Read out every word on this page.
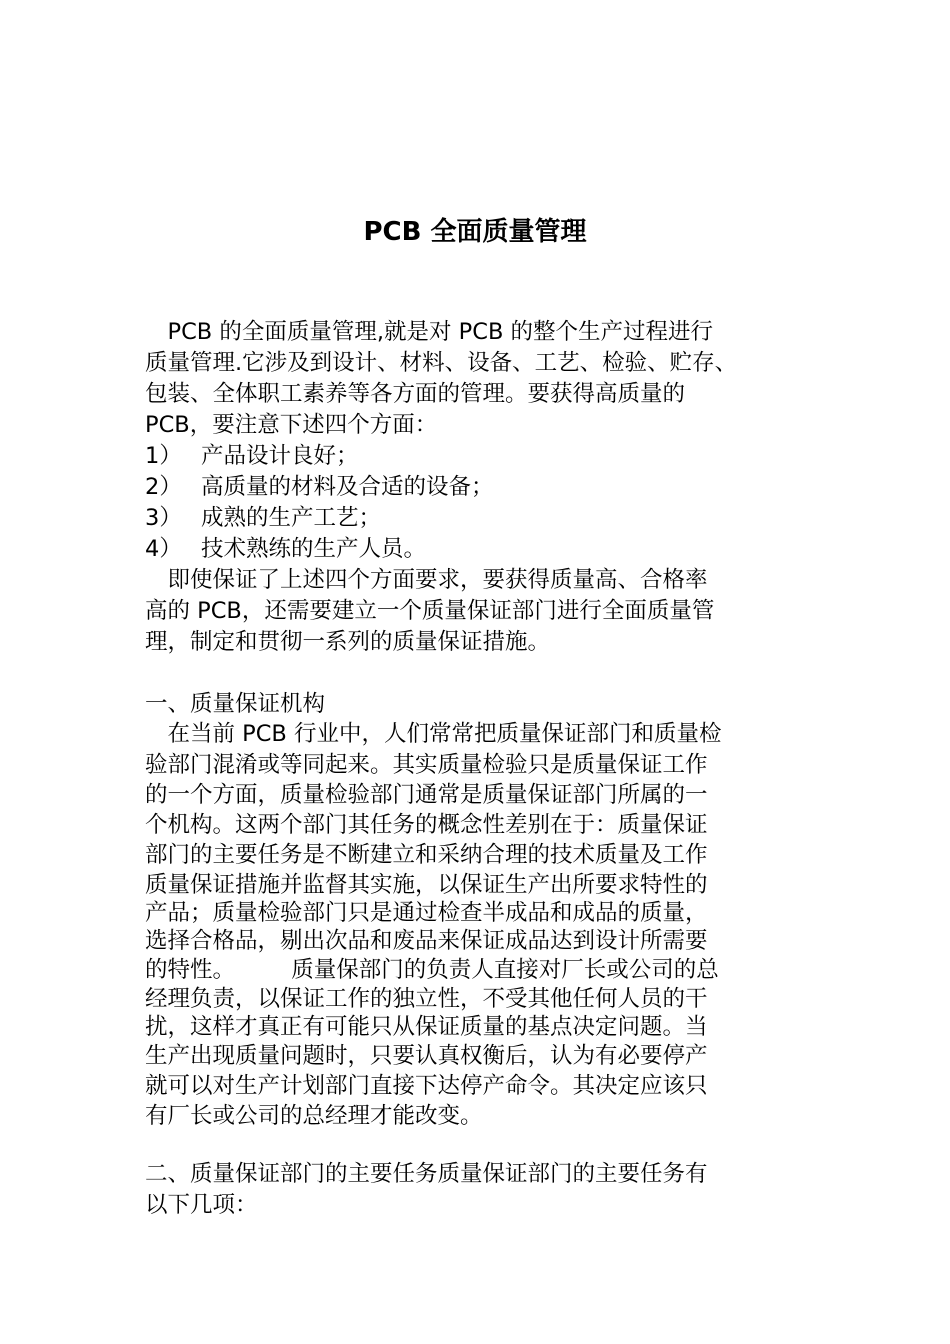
PCB 全面质量管理
　PCB 的全面质量管理,就是对 PCB 的整个生产过程进行
质量管理.它涉及到设计、材料、设备、工艺、检验、贮存、
包装、全体职工素养等各方面的管理。要获得高质量的
PCB，要注意下述四个方面：
1） 产品设计良好；
2） 高质量的材料及合适的设备；
3） 成熟的生产工艺；
4） 技术熟练的生产人员。
　即使保证了上述四个方面要求，要获得质量高、合格率
高的 PCB，还需要建立一个质量保证部门进行全面质量管
理，制定和贯彻一系列的质量保证措施。
一、质量保证机构
　在当前 PCB 行业中，人们常常把质量保证部门和质量检
验部门混淆或等同起来。其实质量检验只是质量保证工作
的一个方面，质量检验部门通常是质量保证部门所属的一
个机构。这两个部门其任务的概念性差别在于：质量保证
部门的主要任务是不断建立和采纳合理的技术质量及工作
质量保证措施并监督其实施，以保证生产出所要求特性的
产品；质量检验部门只是通过检查半成品和成品的质量，
选择合格品，剔出次品和废品来保证成品达到设计所需要
的特性。　　　质量保部门的负责人直接对厂长或公司的总
经理负责，以保证工作的独立性，不受其他任何人员的干
扰，这样才真正有可能只从保证质量的基点决定问题。当
生产出现质量问题时，只要认真权衡后，认为有必要停产
就可以对生产计划部门直接下达停产命令。其决定应该只
有厂长或公司的总经理才能改变。
二、质量保证部门的主要任务质量保证部门的主要任务有
以下几项：
